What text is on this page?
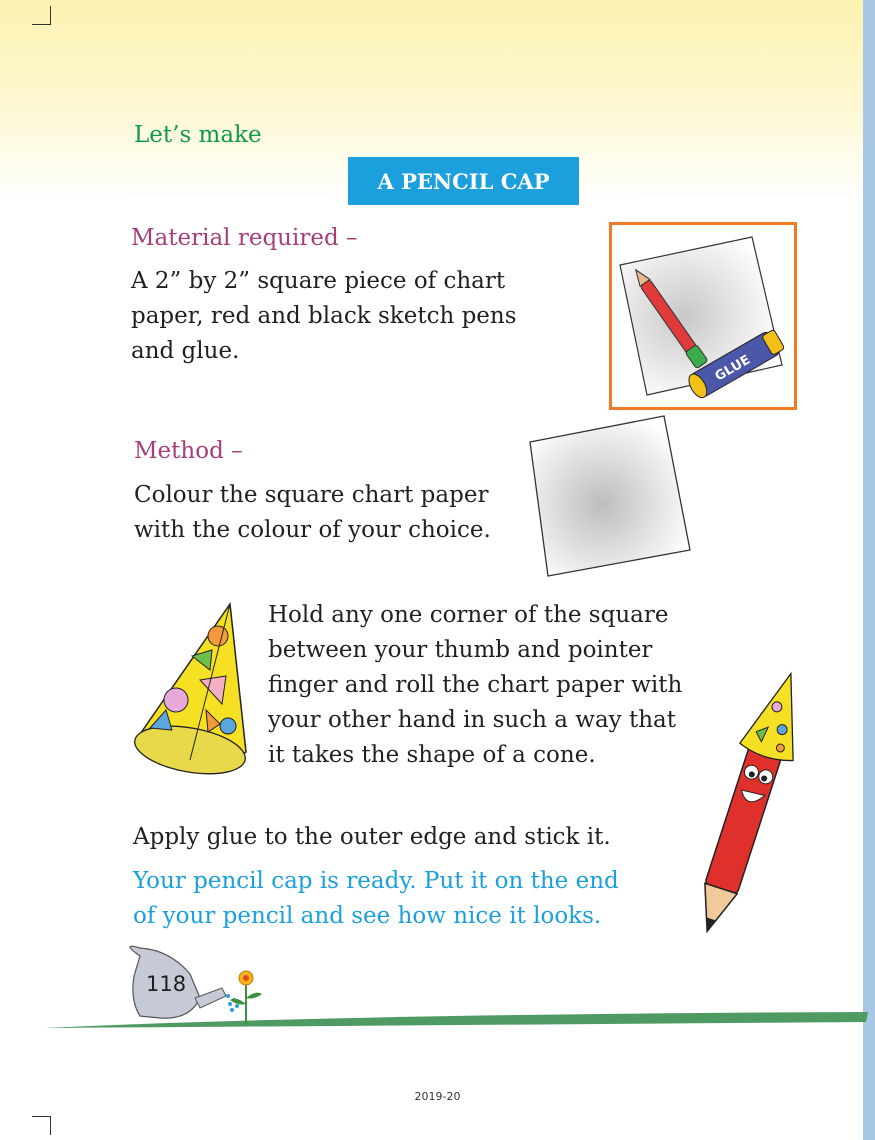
Let’s make

A PENCIL CAP

Material required –

A 2” by 2” square piece of chart
paper, red and black sketch pens
and glue.

GLUE

Method –

Colour the square chart paper
with the colour of your choice.

Hold any one corner of the square
between your thumb and pointer
finger and roll the chart paper with
your other hand in such a way that
it takes the shape of a cone.

Apply glue to the outer edge and stick it.

Your pencil cap is ready. Put it on the end
of your pencil and see how nice it looks.

118
2019-20
